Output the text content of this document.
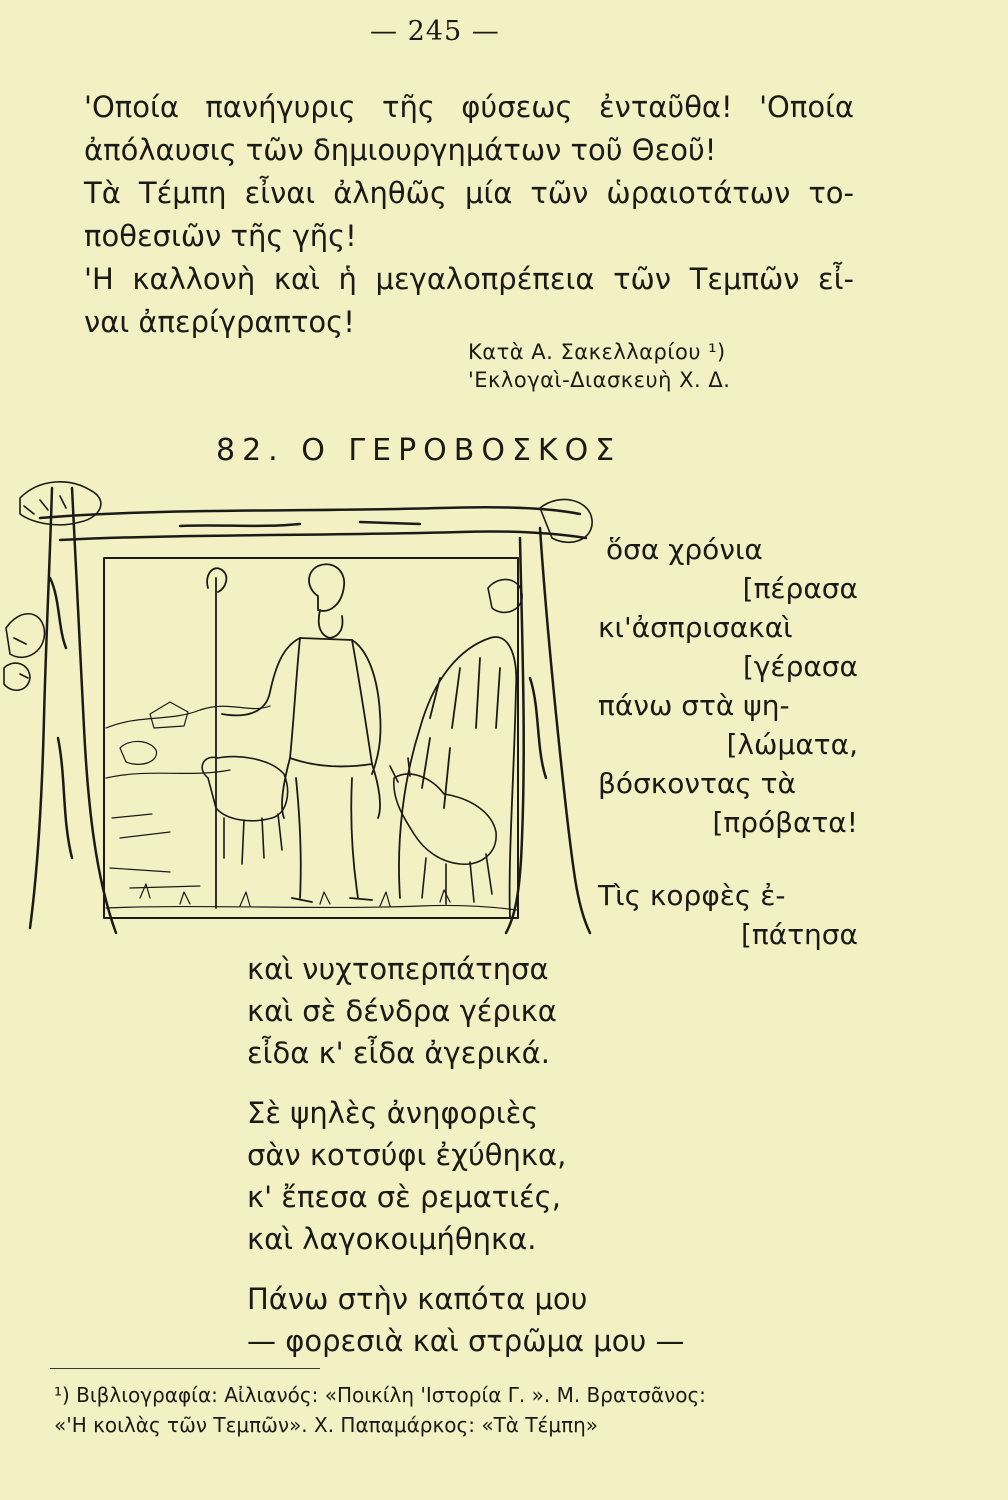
— 245 —
'Οποία πανήγυρις τῆς φύσεως ἐνταῦθα! 'Οποία
ἀπόλαυσις τῶν δημιουργημάτων τοῦ Θεοῦ!
Τὰ Τέμπη εἶναι ἀληθῶς μία τῶν ὡραιοτάτων το-
ποθεσιῶν τῆς γῆς!
'Η καλλονὴ καὶ ἡ μεγαλοπρέπεια τῶν Τεμπῶν εἶ-
ναι ἀπερίγραπτος!
Κατὰ Α. Σακελλαρίου ¹)
'Εκλογαὶ-Διασκευὴ Χ. Δ.
82. Ο ΓΕΡΟΒΟΣΚΟΣ
ὅσα χρόνια
[πέρασα
κι'ἀσπρισακαὶ
[γέρασα
πάνω στὰ ψη-
[λώματα,
βόσκοντας τὰ
[πρόβατα!
Τὶς κορφὲς ἐ-
[πάτησα
καὶ νυχτοπερπάτησα
καὶ σὲ δένδρα γέρικα
εἶδα κ' εἶδα ἀγερικά.
Σὲ ψηλὲς ἀνηφοριὲς
σὰν κοτσύφι ἐχύθηκα,
κ' ἔπεσα σὲ ρεματιές,
καὶ λαγοκοιμήθηκα.
Πάνω στὴν καπότα μου
— φορεσιὰ καὶ στρῶμα μου —
¹) Βιβλιογραφία: Αἰλιανός: «Ποικίλη 'Ιστορία Γ. ». Μ. Βρατσᾶνος:
«'Η κοιλὰς τῶν Τεμπῶν». Χ. Παπαμάρκος: «Τὰ Τέμπη»
